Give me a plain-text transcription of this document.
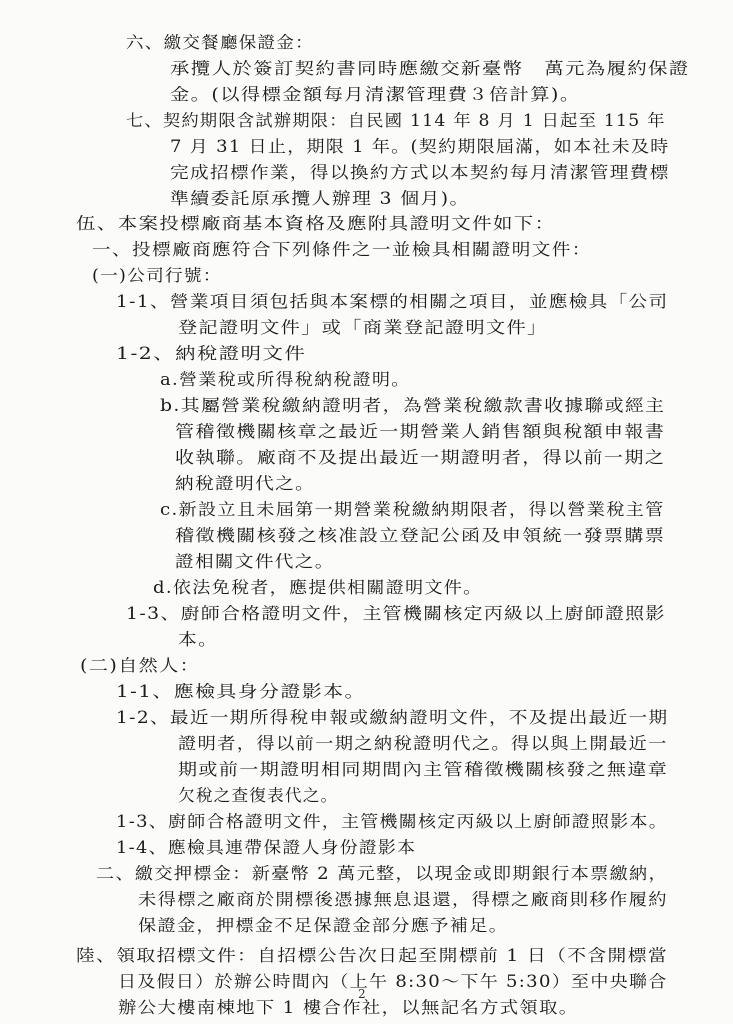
六、繳交餐廳保證金：
承攬人於簽訂契約書同時應繳交新臺幣　萬元為履約保證
金。(以得標金額每月清潔管理費３倍計算)。
七、契約期限含試辦期限：自民國 114 年 8 月 1 日起至 115 年
7 月 31 日止，期限 1 年。(契約期限屆滿，如本社未及時
完成招標作業，得以換約方式以本契約每月清潔管理費標
準續委託原承攬人辦理 3 個月)。
伍、本案投標廠商基本資格及應附具證明文件如下：
一、投標廠商應符合下列條件之一並檢具相關證明文件：
(一)公司行號：
1-1、營業項目須包括與本案標的相關之項目，並應檢具「公司
登記證明文件」或「商業登記證明文件」
1-2、納稅證明文件
a.營業稅或所得稅納稅證明。
b.其屬營業稅繳納證明者，為營業稅繳款書收據聯或經主
管稽徵機關核章之最近一期營業人銷售額與稅額申報書
收執聯。廠商不及提出最近一期證明者，得以前一期之
納稅證明代之。
c.新設立且未屆第一期營業稅繳納期限者，得以營業稅主管
稽徵機關核發之核准設立登記公函及申領統一發票購票
證相關文件代之。
d.依法免稅者，應提供相關證明文件。
1-3、廚師合格證明文件，主管機關核定丙級以上廚師證照影
本。
(二)自然人：
1-1、應檢具身分證影本。
1-2、最近一期所得稅申報或繳納證明文件，不及提出最近一期
證明者，得以前一期之納稅證明代之。得以與上開最近一
期或前一期證明相同期間內主管稽徵機關核發之無違章
欠稅之查復表代之。
1-3、廚師合格證明文件，主管機關核定丙級以上廚師證照影本。
1-4、應檢具連帶保證人身份證影本
二、繳交押標金：新臺幣 2 萬元整，以現金或即期銀行本票繳納，
未得標之廠商於開標後憑據無息退還，得標之廠商則移作履約
保證金，押標金不足保證金部分應予補足。
陸、領取招標文件：自招標公告次日起至開標前 1 日（不含開標當
日及假日）於辦公時間內（上午 8:30～下午 5:30）至中央聯合
辦公大樓南棟地下 1 樓合作社，以無記名方式領取。
2
